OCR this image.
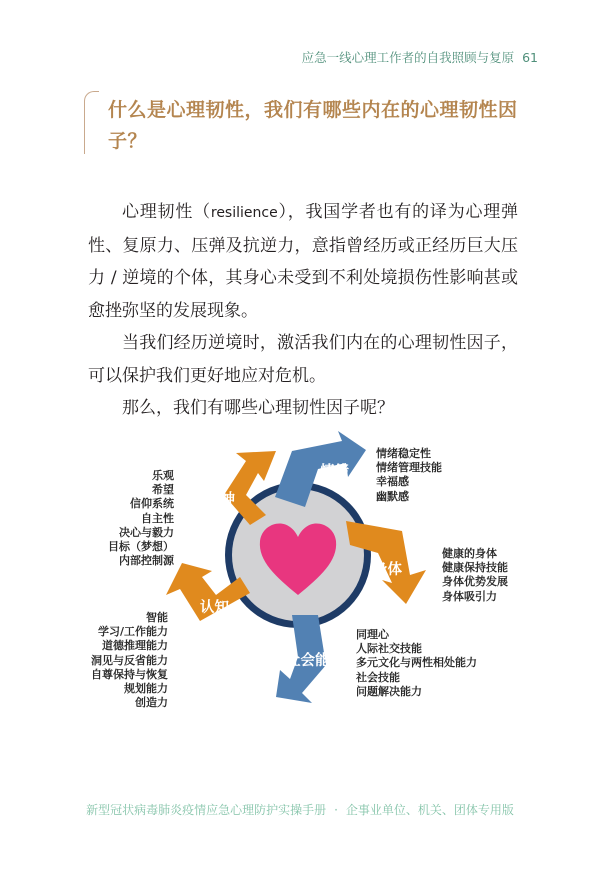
应急一线心理工作者的自我照顾与复原 61
什么是心理韧性，我们有哪些内在的心理韧性因子？

心理韧性（resilience），我国学者也有的译为心理弹性、复原力、压弹及抗逆力，意指曾经历或正经历巨大压力 / 逆境的个体，其身心未受到不利处境损伤性影响甚或愈挫弥坚的发展现象。

当我们经历逆境时，激活我们内在的心理韧性因子，可以保护我们更好地应对危机。

那么，我们有哪些心理韧性因子呢？

情绪
身体
社会能力
认知
精神
情绪稳定性
情绪管理技能
幸福感
幽默感
健康的身体
健康保持技能
身体优势发展
身体吸引力
同理心
人际社交技能
多元文化与两性相处能力
社会技能
问题解决能力
智能
学习/工作能力
道德推理能力
洞见与反省能力
自尊保持与恢复
规划能力
创造力
乐观
希望
信仰系统
自主性
决心与毅力
目标（梦想）
内部控制源
新型冠状病毒肺炎疫情应急心理防护实操手册 · 企事业单位、机关、团体专用版
